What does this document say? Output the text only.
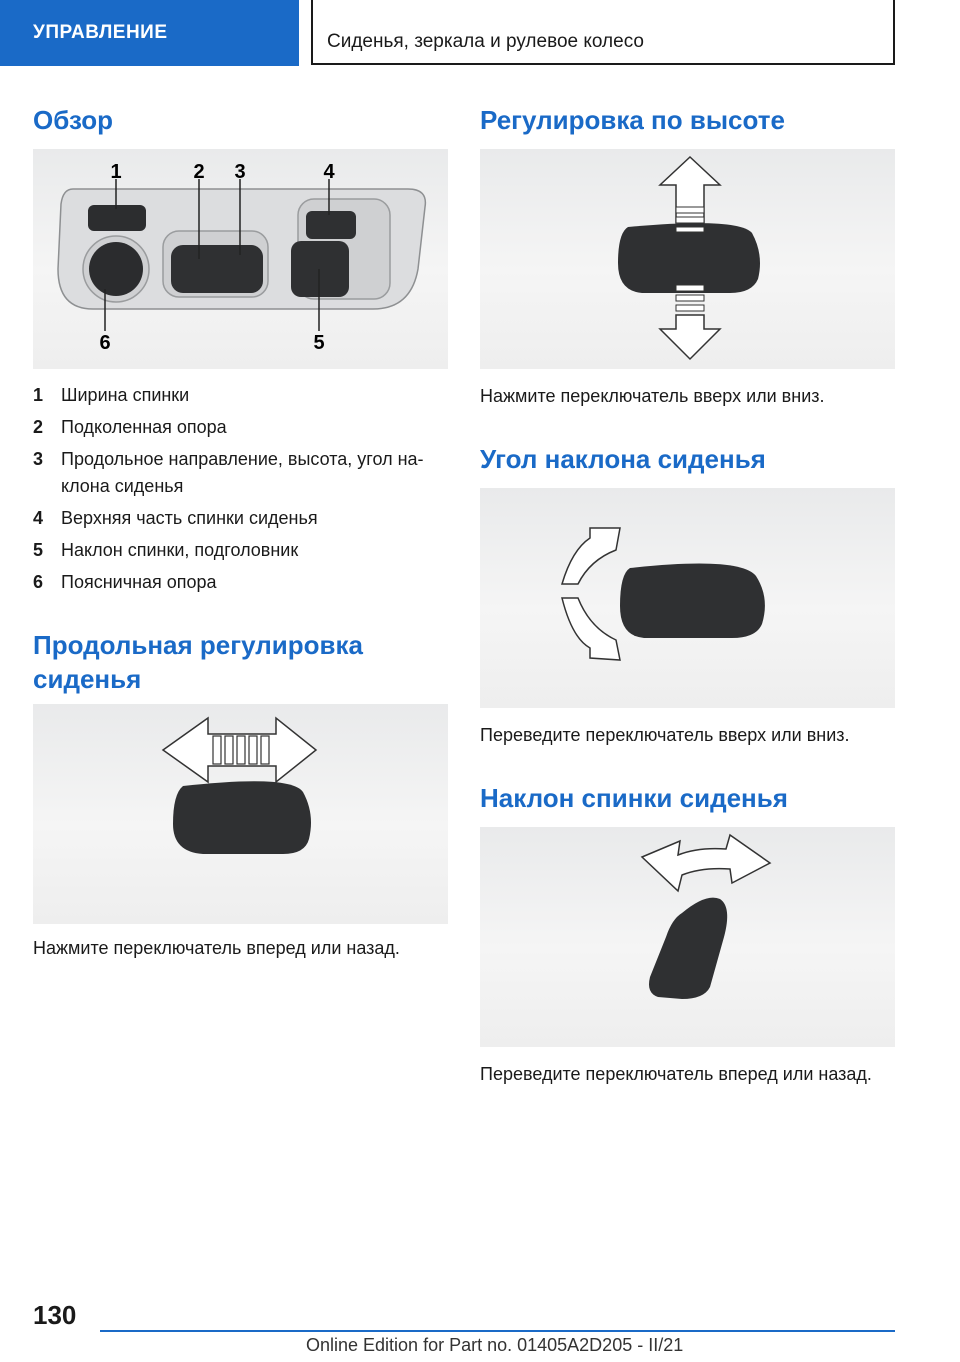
УПРАВЛЕНИЕ	Сиденья, зеркала и рулевое колесо
Обзор
1	2 3	4
5
6
1 Ширина спинки
2 Подколенная опора
3 Продольное направление, высота, угол на‐клона сиденья
4 Верхняя часть спинки сиденья
5 Наклон спинки, подголовник
6 Поясничная опора
Продольная регулировка сиденья
Нажмите переключатель вперед или назад.
Регулировка по высоте
Нажмите переключатель вверх или вниз.
Угол наклона сиденья
Переведите переключатель вверх или вниз.
Наклон спинки сиденья
Переведите переключатель вперед или назад.
130
Online Edition for Part no. 01405A2D205 - II/21
